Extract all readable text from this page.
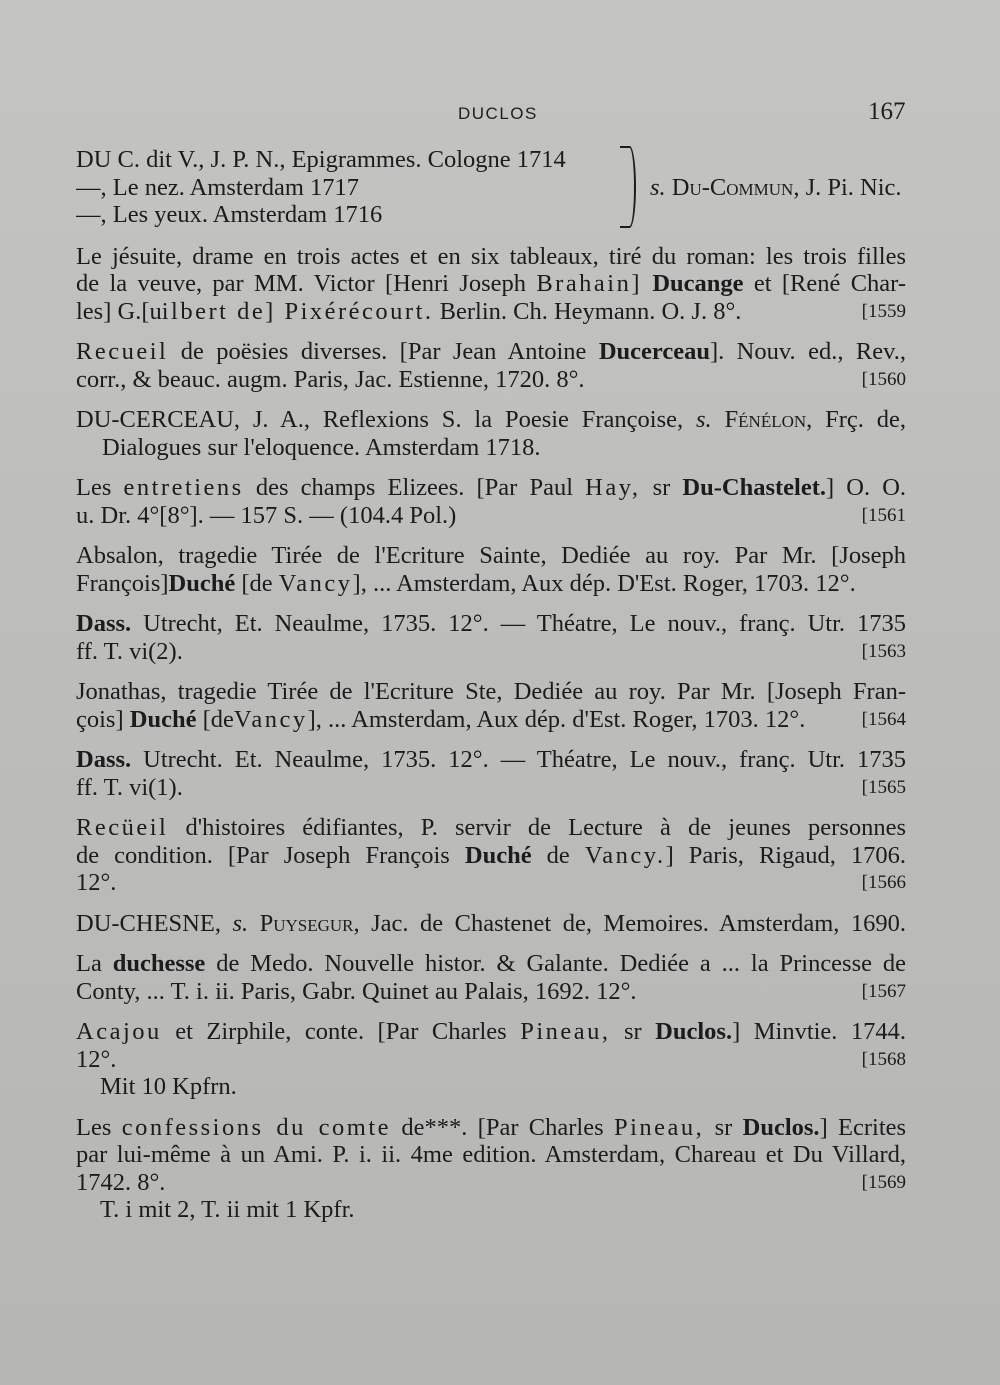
DUCLOS	167
DU C. dit V., J. P. N., Epigrammes. Cologne 1714
—, Le nez. Amsterdam 1717
—, Les yeux. Amsterdam 1716
s. Du-Commun, J. Pi. Nic.
Le jésuite, drame en trois actes et en six tableaux, tiré du roman: les trois filles
de la veuve, par MM. Victor [Henri Joseph Brahain] Ducange et [René Char-
les] G.[uilbert de] Pixérécourt. Berlin. Ch. Heymann. O. J. 8°.	[1559
Recueil de poësies diverses. [Par Jean Antoine Ducerceau]. Nouv. ed., Rev.,
corr., & beauc. augm. Paris, Jac. Estienne, 1720. 8°.	[1560
DU-CERCEAU, J. A., Reflexions S. la Poesie Françoise, s. Fénélon, Frç. de,
Dialogues sur l'eloquence. Amsterdam 1718.
Les entretiens des champs Elizees. [Par Paul Hay, sr Du-Chastelet.] O. O.
u. Dr. 4°[8°]. — 157 S. — (104.4 Pol.)	[1561
Absalon, tragedie Tirée de l'Ecriture Sainte, Dediée au roy. Par Mr. [Joseph
François]Duché [de Vancy], ... Amsterdam, Aux dép. D'Est. Roger, 1703. 12°.
Dass. Utrecht, Et. Neaulme, 1735. 12°. — Théatre, Le nouv., franç. Utr. 1735
ff. T. vi(2).	[1563
Jonathas, tragedie Tirée de l'Ecriture Ste, Dediée au roy. Par Mr. [Joseph Fran-
çois] Duché [deVancy], ... Amsterdam, Aux dép. d'Est. Roger, 1703. 12°.	[1564
Dass. Utrecht. Et. Neaulme, 1735. 12°. — Théatre, Le nouv., franç. Utr. 1735
ff. T. vi(1).	[1565
Recüeil d'histoires édifiantes, P. servir de Lecture à de jeunes personnes
de condition. [Par Joseph François Duché de Vancy.] Paris, Rigaud, 1706.
12°.	[1566
DU-CHESNE, s. Puysegur, Jac. de Chastenet de, Memoires. Amsterdam, 1690.
La duchesse de Medo. Nouvelle histor. & Galante. Dediée a ... la Princesse de
Conty, ... T. i. ii. Paris, Gabr. Quinet au Palais, 1692. 12°.	[1567
Acajou et Zirphile, conte. [Par Charles Pineau, sr Duclos.] Minvtie. 1744.
12°.	[1568
Mit 10 Kpfrn.
Les confessions du comte de***. [Par Charles Pineau, sr Duclos.] Ecrites
par lui-même à un Ami. P. i. ii. 4me edition. Amsterdam, Chareau et Du Villard,
1742. 8°.	[1569
T. i mit 2, T. ii mit 1 Kpfr.
